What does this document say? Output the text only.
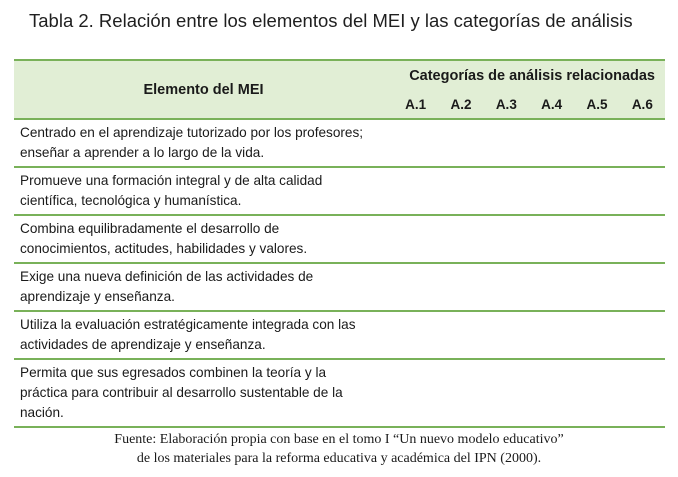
Tabla 2. Relación entre los elementos del MEI y las categorías de análisis
Elemento del MEI	Categorías de análisis relacionadas					
	A.1	A.2	A.3	A.4	A.5	A.6
Centrado en el aprendizaje tutorizado por los profesores;
enseñar a aprender a lo largo de la vida.						
Promueve una formación integral y de alta calidad
científica, tecnológica y humanística.						
Combina equilibradamente el desarrollo de
conocimientos, actitudes, habilidades y valores.						
Exige una nueva definición de las actividades de
aprendizaje y enseñanza.						
Utiliza la evaluación estratégicamente integrada con las
actividades de aprendizaje y enseñanza.						
Permita que sus egresados combinen la teoría y la
práctica para contribuir al desarrollo sustentable de la
nación.						
Fuente: Elaboración propia con base en el tomo I “Un nuevo modelo educativo”
de los materiales para la reforma educativa y académica del IPN (2000).
